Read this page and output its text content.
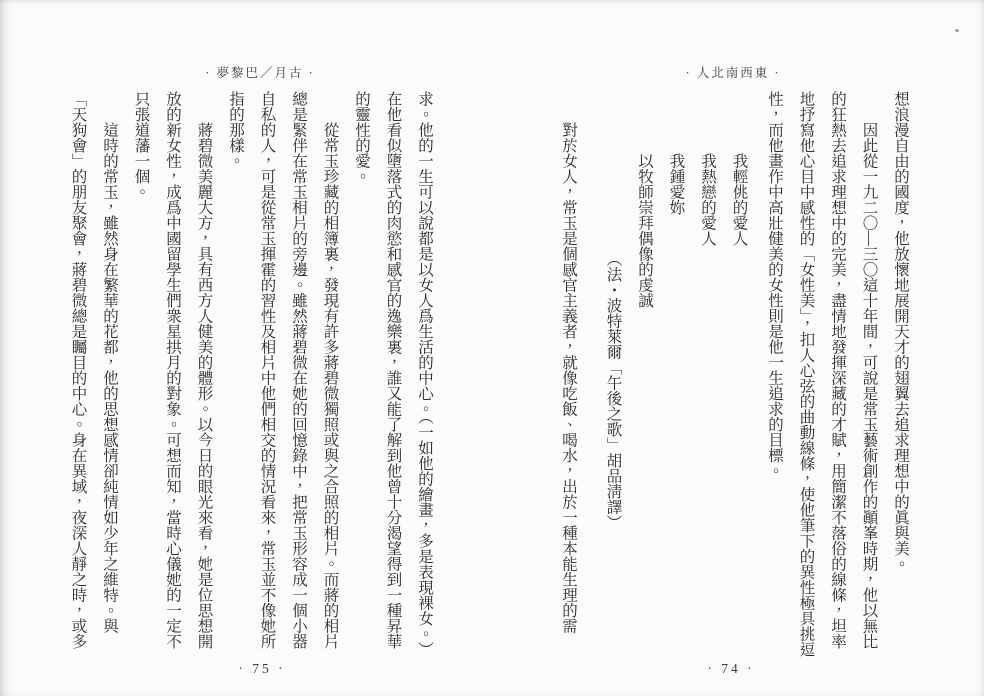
· 夢黎巴／月古 ·

求。他的一生可以說都是以女人爲生活的中心。（一如他的繪畫，多是表現裸女。）在他看似墮落式的肉慾和感官的逸樂裏，誰又能了解到他曾十分渴望得到一種昇華的靈性的愛。

從常玉珍藏的相簿裏，發現有許多蔣碧微獨照或與之合照的相片。而蔣的相片總是緊伴在常玉相片的旁邊。雖然蔣碧微在她的回憶錄中，把常玉形容成一個小器自私的人，可是從常玉揮霍的習性及相片中他們相交的情況看來，常玉並不像她所指的那樣。

蔣碧微美麗大方，具有西方人健美的體形。以今日的眼光來看，她是位思想開放的新女性，成爲中國留學生們衆星拱月的對象。可想而知，當時心儀她的一定不只張道藩一個。

這時的常玉，雖然身在繁華的花都，他的思想感情卻純情如少年之維特。與「天狗會」的朋友聚會，蔣碧微總是矚目的中心。身在異域，夜深人靜之時，或多

· 75 ·
· 人北南西東 ·

想浪漫自由的國度，他放懷地展開天才的翅翼去追求理想中的眞與美。

因此從一九二〇—三〇這十年間，可說是常玉藝術創作的顚峯時期，他以無比的狂熱去追求理想中的完美，盡情地發揮深藏的才賦，用簡潔不落俗的線條，坦率地抒寫他心目中感性的「女性美」，扣人心弦的曲動線條，使他筆下的異性極具挑逗性，而他畫作中高壯健美的女性則是他一生追求的目標。

我輕佻的愛人

我熱戀的愛人

我鍾愛妳

以牧師崇拜偶像的虔誠

（法・波特萊爾「午後之歌」胡品淸譯）

對於女人，常玉是個感官主義者，就像吃飯、喝水，出於一種本能生理的需

· 74 ·
